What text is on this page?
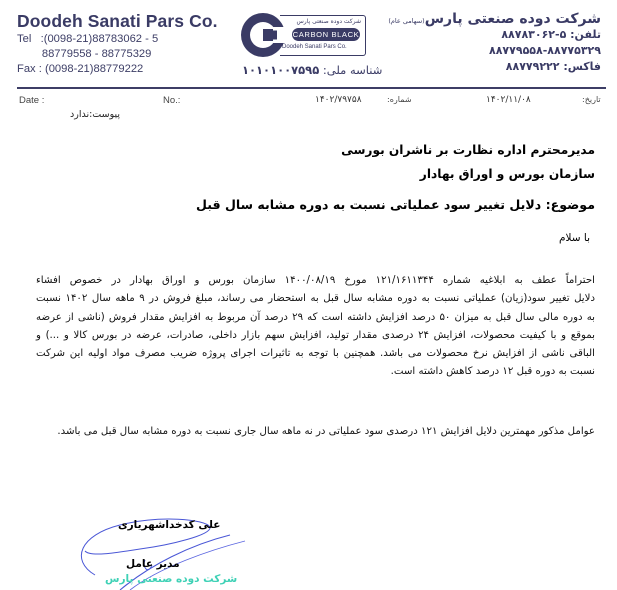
Doodeh Sanati Pars Co.
Tel   :(0098-21)88783062 - 5
88779558 - 88775329
Fax : (0098-21)88779222
شرکت دوده صنعتی پارس
CARBON BLACK
Doodeh Sanati Pars Co.
شناسه ملی: ۱۰۱۰۱۰۰۷۵۹۵
شرکت دوده صنعتی پارس(سهامی عام)
تلفن: ۵-۸۸۷۸۳۰۶۲
۸۸۷۷۹۵۵۸-۸۸۷۷۵۳۲۹
فاکس: ۸۸۷۷۹۲۲۲
Date :	No.:	۱۴۰۲/۷۹۷۵۸	شماره:	۱۴۰۲/۱۱/۰۸	تاریخ:
پیوست:ندارد
مدیرمحترم اداره نظارت بر ناشران بورسی
سازمان بورس و اوراق بهادار
موضوع: دلایل تغییر سود عملیاتی نسبت به دوره مشابه سال قبل
با سلام
احتراماً عطف به ابلاغیه شماره ۱۲۱/۱۶۱۱۳۴۴ مورخ ۱۴۰۰/۰۸/۱۹ سازمان بورس و اوراق بهادار در خصوص افشاء
دلایل تغییر سود(زیان) عملیاتی نسبت به دوره مشابه سال قبل به استحضار می رساند، مبلغ فروش در ۹ ماهه سال ۱۴۰۲ نسبت
به دوره مالی سال قبل به میزان ۵۰ درصد افزایش داشته است که ۲۹ درصد آن مربوط به افزایش مقدار فروش (ناشی از عرضه
بموقع و با کیفیت محصولات، افزایش ۲۴ درصدی مقدار تولید، افزایش سهم بازار داخلی، صادرات، عرضه در بورس کالا و ...) و
الباقی ناشی از افزایش نرخ محصولات می باشد. همچنین با توجه به تاثیرات اجرای پروژه ضریب مصرف مواد اولیه این شرکت
نسبت به دوره قبل ۱۲ درصد کاهش داشته است.
عوامل مذکور مهمترین دلایل افزایش ۱۲۱ درصدی سود عملیاتی در نه ماهه سال جاری نسبت به دوره مشابه سال قبل می باشد.
علی کدخداشهریاری
مدیر عامل
شرکت دوده صنعتی پارس
